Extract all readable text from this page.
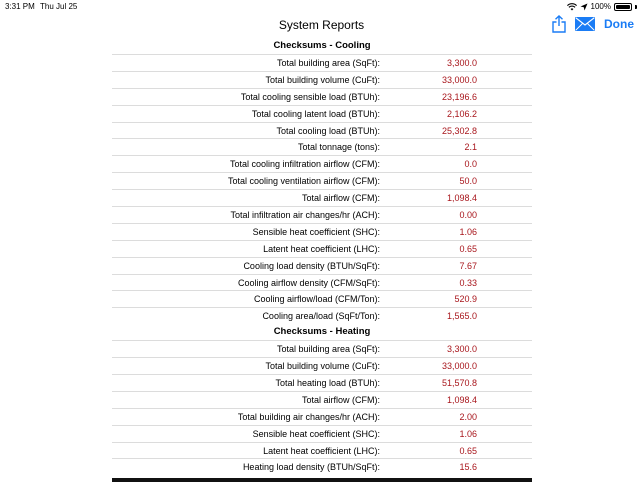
3:31 PM Thu Jul 25	100%
System Reports	Done
Checksums - Cooling
Total building area (SqFt):	3,300.0
Total building volume (CuFt):	33,000.0
Total cooling sensible load (BTUh):	23,196.6
Total cooling latent load (BTUh):	2,106.2
Total cooling load (BTUh):	25,302.8
Total tonnage (tons):	2.1
Total cooling infiltration airflow (CFM):	0.0
Total cooling ventilation airflow (CFM):	50.0
Total airflow (CFM):	1,098.4
Total infiltration air changes/hr (ACH):	0.00
Sensible heat coefficient (SHC):	1.06
Latent heat coefficient (LHC):	0.65
Cooling load density (BTUh/SqFt):	7.67
Cooling airflow density (CFM/SqFt):	0.33
Cooling airflow/load (CFM/Ton):	520.9
Cooling area/load (SqFt/Ton):	1,565.0
Checksums - Heating
Total building area (SqFt):	3,300.0
Total building volume (CuFt):	33,000.0
Total heating load (BTUh):	51,570.8
Total airflow (CFM):	1,098.4
Total building air changes/hr (ACH):	2.00
Sensible heat coefficient (SHC):	1.06
Latent heat coefficient (LHC):	0.65
Heating load density (BTUh/SqFt):	15.6
